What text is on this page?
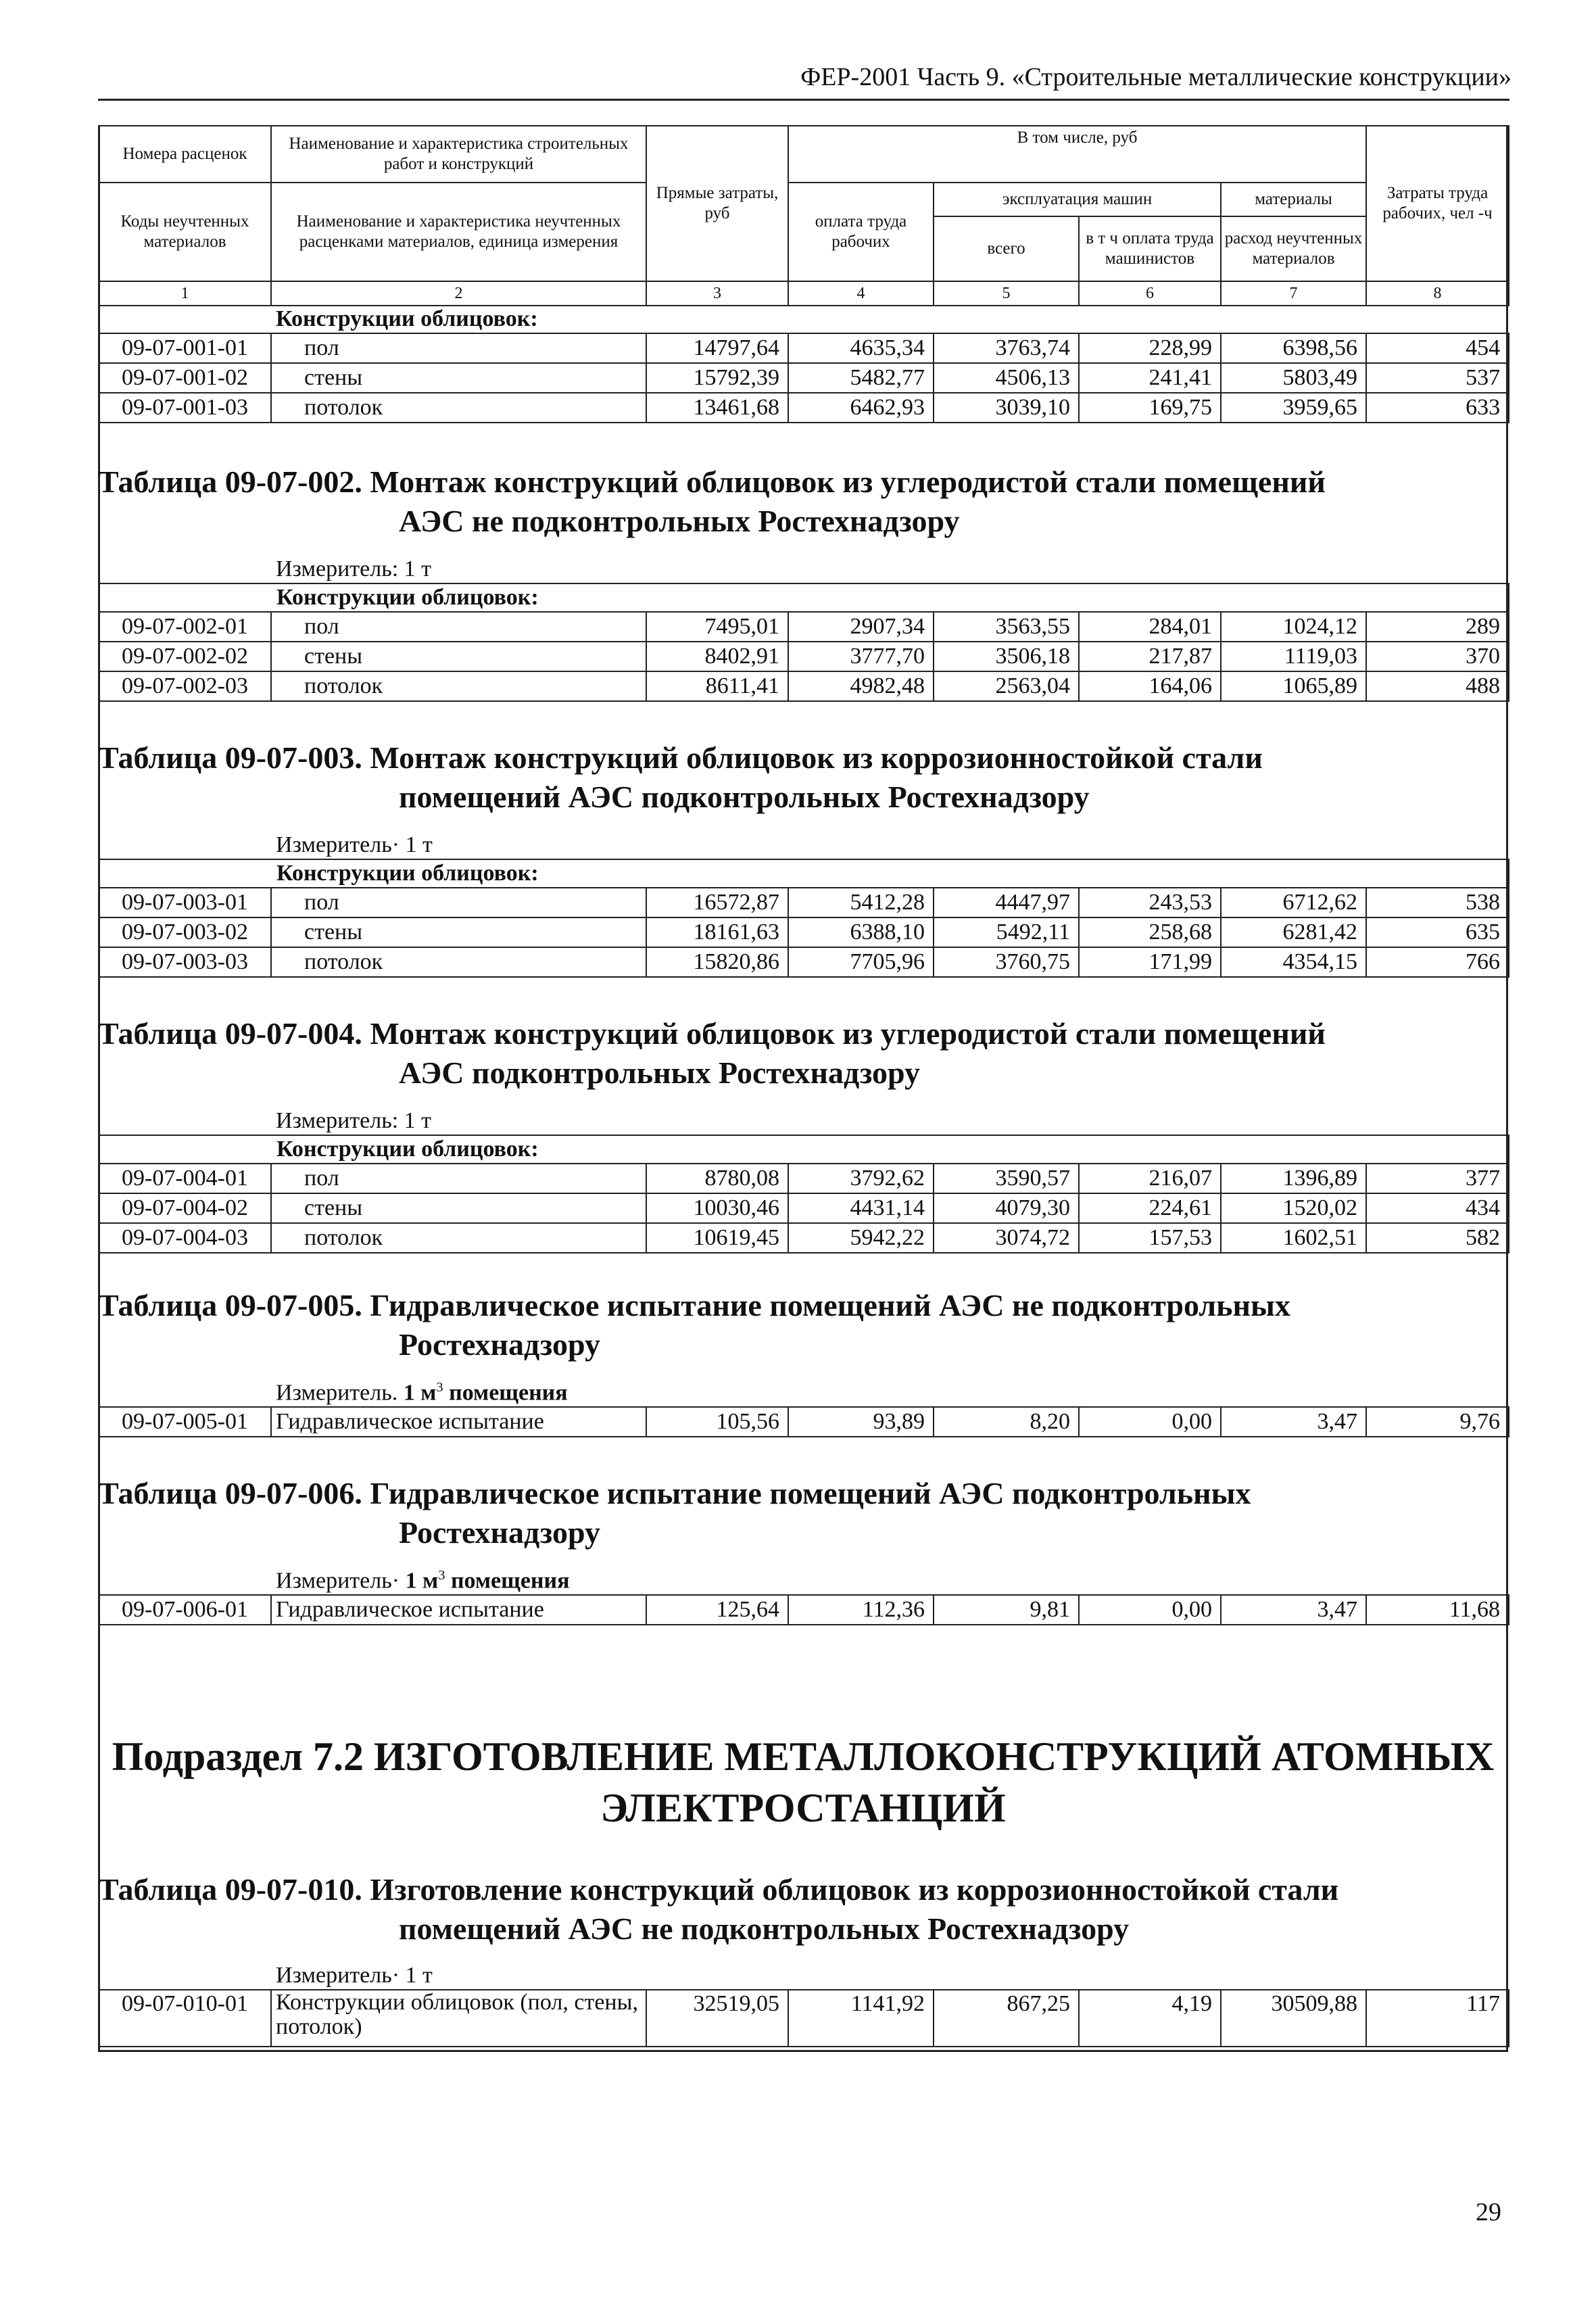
ФЕР-2001 Часть 9. «Строительные металлические конструкции»
Номера расценок	Наименование и характеристика строительных работ и конструкций	Прямые затраты, руб	В том числе, руб				Затраты труда рабочих, чел -ч
Коды неучтенных материалов	Наименование и характеристика неучтенных расценками материалов, единица измерения		оплата труда рабочих	эксплуатация машин		материалы	
				всего	в т ч оплата труда машинистов	расход неучтенных материалов	
1	2	3	4	5	6	7	8
Конструкции облицовок:							
09-07-001-01	пол	14797,64	4635,34	3763,74	228,99	6398,56	454
09-07-001-02	стены	15792,39	5482,77	4506,13	241,41	5803,49	537
09-07-001-03	потолок	13461,68	6462,93	3039,10	169,75	3959,65	633
Таблица 09-07-002. Монтаж конструкций облицовок из углеродистой стали помещений
АЭС не подконтрольных Ростехнадзору
Измеритель: 1 т							
Конструкции облицовок:							
09-07-002-01	пол	7495,01	2907,34	3563,55	284,01	1024,12	289
09-07-002-02	стены	8402,91	3777,70	3506,18	217,87	1119,03	370
09-07-002-03	потолок	8611,41	4982,48	2563,04	164,06	1065,89	488
Таблица 09-07-003. Монтаж конструкций облицовок из коррозионностойкой стали
помещений АЭС подконтрольных Ростехнадзору
Измеритель· 1 т							
Конструкции облицовок:							
09-07-003-01	пол	16572,87	5412,28	4447,97	243,53	6712,62	538
09-07-003-02	стены	18161,63	6388,10	5492,11	258,68	6281,42	635
09-07-003-03	потолок	15820,86	7705,96	3760,75	171,99	4354,15	766
Таблица 09-07-004. Монтаж конструкций облицовок из углеродистой стали помещений
АЭС подконтрольных Ростехнадзору
Измеритель: 1 т							
Конструкции облицовок:							
09-07-004-01	пол	8780,08	3792,62	3590,57	216,07	1396,89	377
09-07-004-02	стены	10030,46	4431,14	4079,30	224,61	1520,02	434
09-07-004-03	потолок	10619,45	5942,22	3074,72	157,53	1602,51	582
Таблица 09-07-005. Гидравлическое испытание помещений АЭС не подконтрольных
Ростехнадзору
Измеритель. 1 $м^3$ помещения
09-07-005-01	Гидравлическое испытание	105,56	93,89	8,20	0,00	3,47	9,76
Таблица 09-07-006. Гидравлическое испытание помещений АЭС подконтрольных
Ростехнадзору
Измеритель· 1 $м^3$ помещения
09-07-006-01	Гидравлическое испытание	125,64	112,36	9,81	0,00	3,47	11,68
Подраздел 7.2 ИЗГОТОВЛЕНИЕ МЕТАЛЛОКОНСТРУКЦИЙ АТОМНЫХ
ЭЛЕКТРОСТАНЦИЙ
Таблица 09-07-010. Изготовление конструкций облицовок из коррозионностойкой стали
помещений АЭС не подконтрольных Ростехнадзору
Измеритель· 1 т
09-07-010-01	Конструкции облицовок (пол, стены, потолок)	32519,05	1141,92	867,25	4,19	30509,88	117
29
